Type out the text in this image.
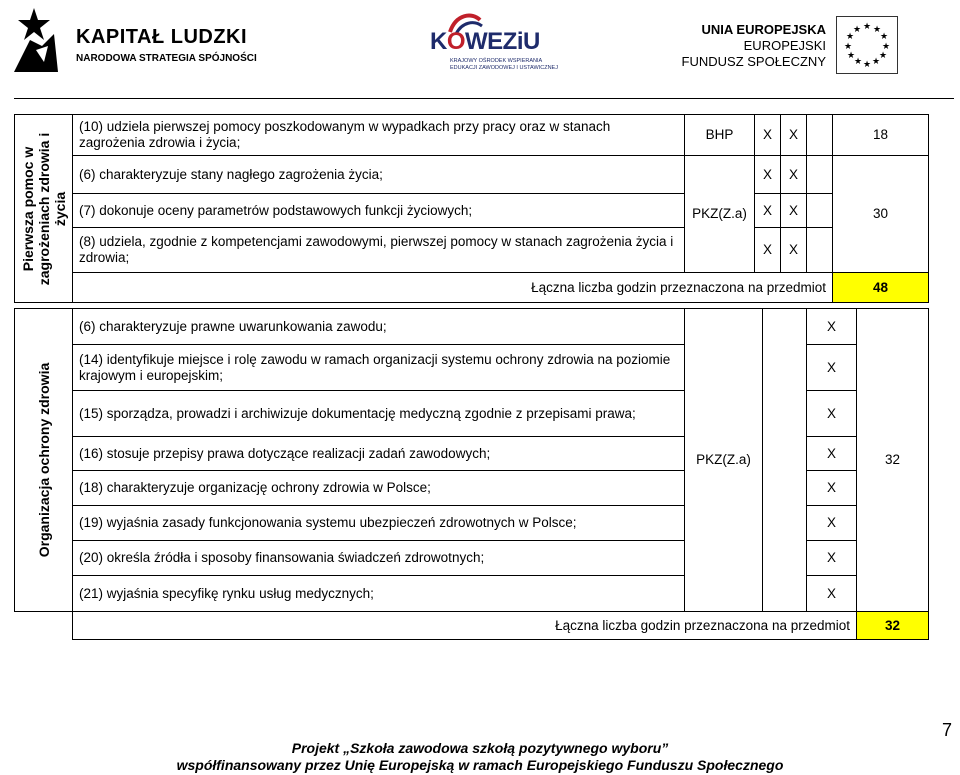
KAPITAŁ LUDZKI
NARODOWA STRATEGIA SPÓJNOŚCI
KOWEZiU
KRAJOWY OŚRODEK WSPIERANIA EDUKACJI ZAWODOWEJ I USTAWICZNEJ
UNIA EUROPEJSKA
EUROPEJSKI
FUNDUSZ SPOŁECZNY
★ ★
★
★
★
★
★
★
★
★
★
★
Pierwsza pomoc w zagrożeniach zdrowia i życia	(10) udziela pierwszej pomocy poszkodowanym w wypadkach przy pracy oraz w stanach zagrożenia zdrowia i życia;	BHP	X	X		18
	(6) charakteryzuje stany nagłego zagrożenia życia;	PKZ(Z.a)	X	X		30
	(7) dokonuje oceny parametrów podstawowych funkcji życiowych;		X	X		
	(8) udziela, zgodnie z kompetencjami zawodowymi, pierwszej pomocy w stanach zagrożenia życia i zdrowia;		X	X		
	Łączna liczba godzin przeznaczona na przedmiot					48
Organizacja ochrony zdrowia	(6) charakteryzuje prawne uwarunkowania zawodu;	PKZ(Z.a)		X	32
	(14) identyfikuje miejsce i rolę zawodu w ramach organizacji systemu ochrony zdrowia na poziomie krajowym i europejskim;			X	
	(15) sporządza, prowadzi i archiwizuje dokumentację medyczną zgodnie z przepisami prawa;			X	
	(16) stosuje przepisy prawa dotyczące realizacji zadań zawodowych;			X	
	(18) charakteryzuje organizację ochrony zdrowia w Polsce;			X	
	(19) wyjaśnia zasady funkcjonowania systemu ubezpieczeń zdrowotnych w Polsce;			X	
	(20) określa źródła i sposoby finansowania świadczeń zdrowotnych;			X	
	(21) wyjaśnia specyfikę rynku usług medycznych;			X	
	Łączna liczba godzin przeznaczona na przedmiot				32
7
Projekt „Szkoła zawodowa szkołą pozytywnego wyboru”
współfinansowany przez Unię Europejską w ramach Europejskiego Funduszu Społecznego
